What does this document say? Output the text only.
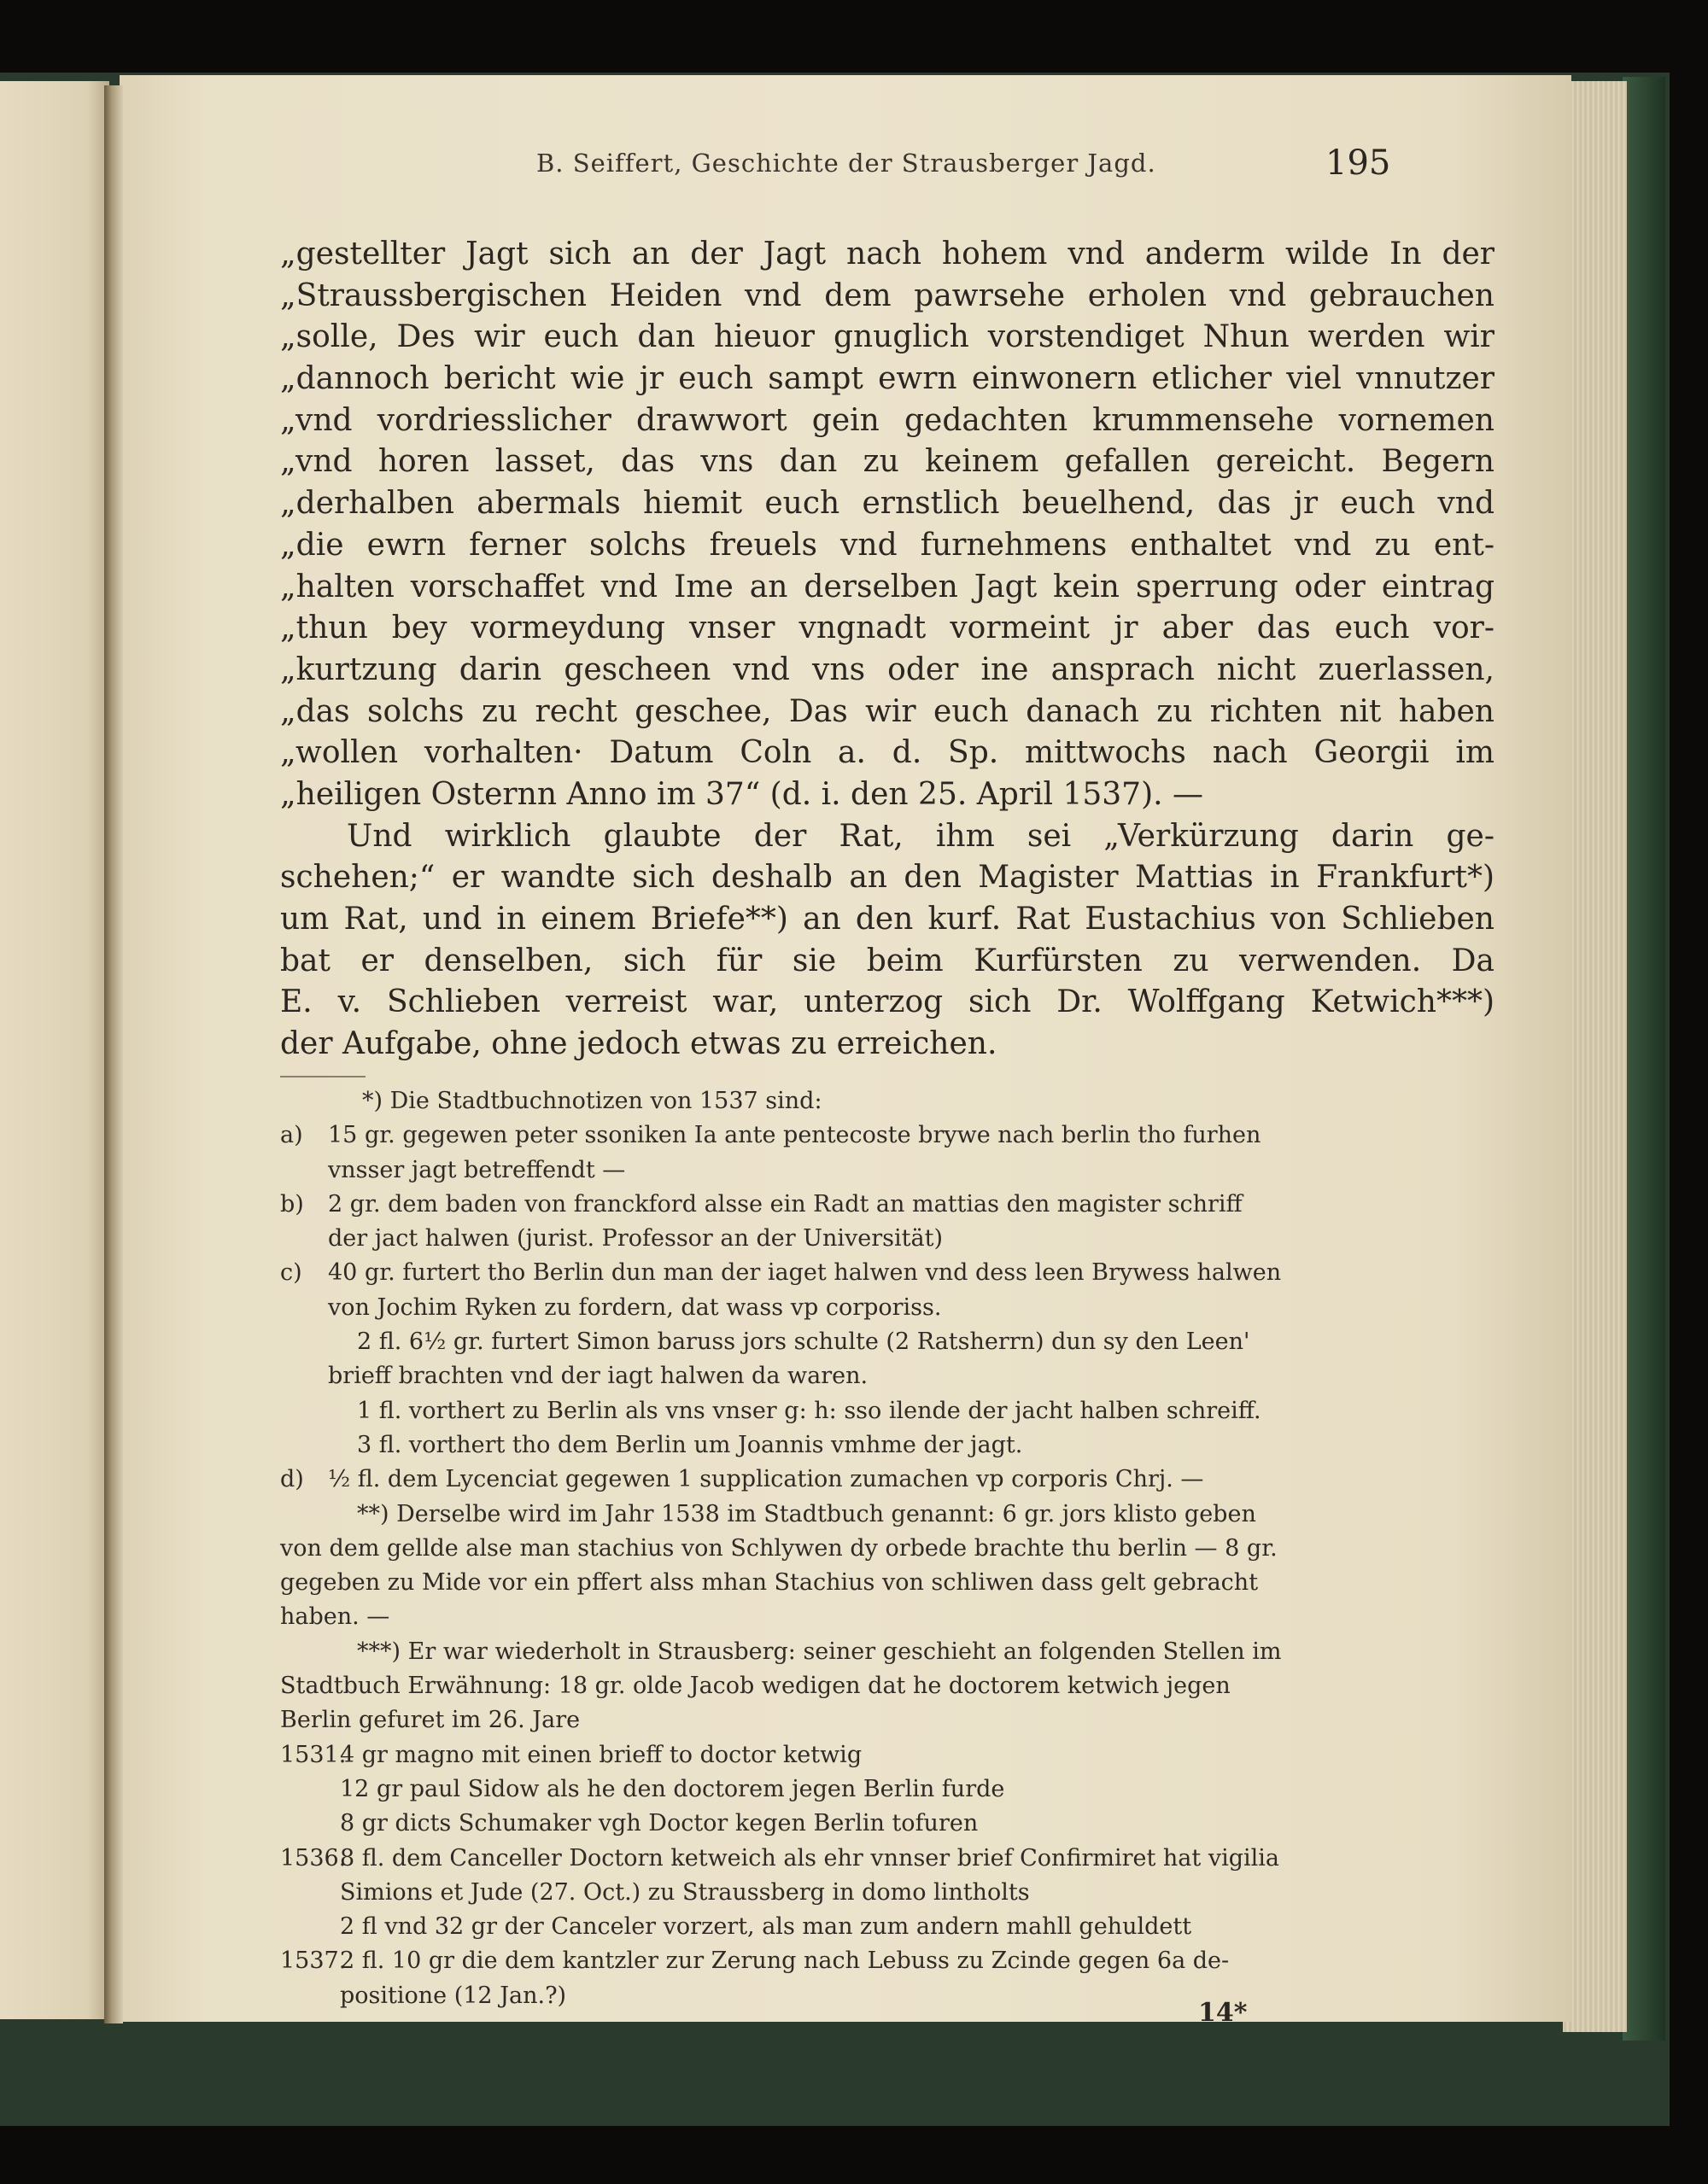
B. Seiffert, Geschichte der Strausberger Jagd.	195
„gestellter Jagt sich an der Jagt nach hohem vnd anderm wilde In der
„Straussbergischen Heiden vnd dem pawrsehe erholen vnd gebrauchen
„solle, Des wir euch dan hieuor gnuglich vorstendiget Nhun werden wir
„dannoch bericht wie jr euch sampt ewrn einwonern etlicher viel vnnutzer
„vnd vordriesslicher drawwort gein gedachten krummensehe vornemen
„vnd horen lasset, das vns dan zu keinem gefallen gereicht. Begern
„derhalben abermals hiemit euch ernstlich beuelhend, das jr euch vnd
„die ewrn ferner solchs freuels vnd furnehmens enthaltet vnd zu ent-
„halten vorschaffet vnd Ime an derselben Jagt kein sperrung oder eintrag
„thun bey vormeydung vnser vngnadt vormeint jr aber das euch vor-
„kurtzung darin gescheen vnd vns oder ine ansprach nicht zuerlassen,
„das solchs zu recht geschee, Das wir euch danach zu richten nit haben
„wollen vorhalten· Datum Coln a. d. Sp. mittwochs nach Georgii im
„heiligen Osternn Anno im 37“ (d. i. den 25. April 1537). —
Und wirklich glaubte der Rat, ihm sei „Verkürzung darin ge-
schehen;“ er wandte sich deshalb an den Magister Mattias in Frankfurt*)
um Rat, und in einem Briefe**) an den kurf. Rat Eustachius von Schlieben
bat er denselben, sich für sie beim Kurfürsten zu verwenden. Da
E. v. Schlieben verreist war, unterzog sich Dr. Wolffgang Ketwich***)
der Aufgabe, ohne jedoch etwas zu erreichen.
*) Die Stadtbuchnotizen von 1537 sind:
a) 15 gr. gegewen peter ssoniken Ia ante pentecoste brywe nach berlin tho furhen
vnsser jagt betreffendt —
b) 2 gr. dem baden von franckford alsse ein Radt an mattias den magister schriff
der jact halwen (jurist. Professor an der Universität)
c) 40 gr. furtert tho Berlin dun man der iaget halwen vnd dess leen Brywess halwen
von Jochim Ryken zu fordern, dat wass vp corporiss.
2 fl. 6½ gr. furtert Simon baruss jors schulte (2 Ratsherrn) dun sy den Leen'
brieff brachten vnd der iagt halwen da waren.
1 fl. vorthert zu Berlin als vns vnser g: h: sso ilende der jacht halben schreiff.
3 fl. vorthert tho dem Berlin um Joannis vmhme der jagt.
d) ½ fl. dem Lycenciat gegewen 1 supplication zumachen vp corporis Chrj. —
**) Derselbe wird im Jahr 1538 im Stadtbuch genannt: 6 gr. jors klisto geben
von dem gellde alse man stachius von Schlywen dy orbede brachte thu berlin — 8 gr.
gegeben zu Mide vor ein pffert alss mhan Stachius von schliwen dass gelt gebracht
haben. —
***) Er war wiederholt in Strausberg: seiner geschieht an folgenden Stellen im
Stadtbuch Erwähnung: 18 gr. olde Jacob wedigen dat he doctorem ketwich jegen
Berlin gefuret im 26. Jare
1531.4 gr magno mit einen brieff to doctor ketwig
12 gr paul Sidow als he den doctorem jegen Berlin furde
8 gr dicts Schumaker vgh Doctor kegen Berlin tofuren
1536.8 fl. dem Canceller Doctorn ketweich als ehr vnnser brief Confirmiret hat vigilia
Simions et Jude (27. Oct.) zu Straussberg in domo lintholts
2 fl vnd 32 gr der Canceler vorzert, als man zum andern mahll gehuldett
1537.2 fl. 10 gr die dem kantzler zur Zerung nach Lebuss zu Zcinde gegen 6a de-
positione (12 Jan.?)
14*
